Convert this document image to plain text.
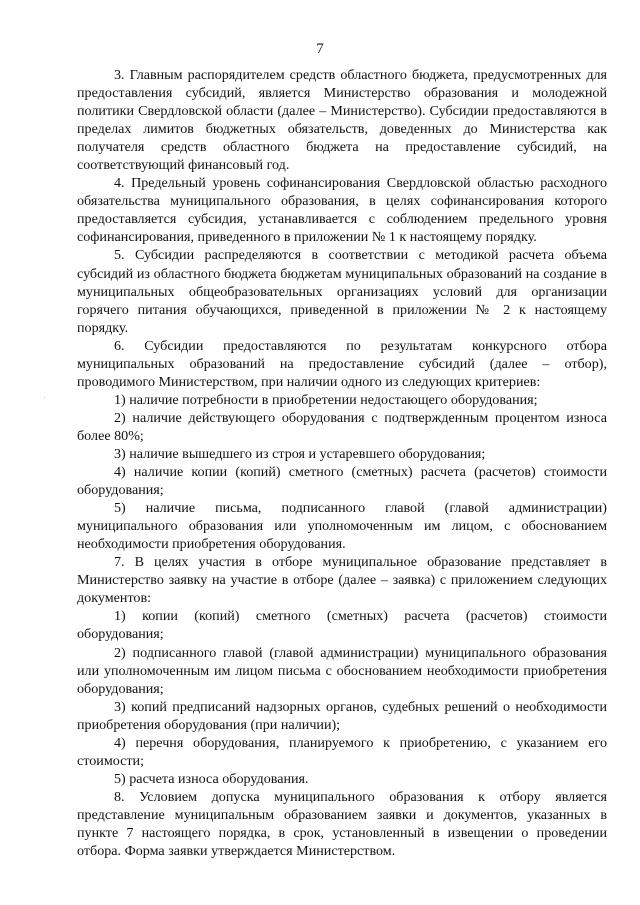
7

3. Главным распорядителем средств областного бюджета, предусмотренных для предоставления субсидий, является Министерство образования и молодежной политики Свердловской области (далее – Министерство). Субсидии предоставляются в пределах лимитов бюджетных обязательств, доведенных до Министерства как получателя средств областного бюджета на предоставление субсидий, на соответствующий финансовый год.

4. Предельный уровень софинансирования Свердловской областью расходного обязательства муниципального образования, в целях софинансирования которого предоставляется субсидия, устанавливается с соблюдением предельного уровня софинансирования, приведенного в приложении № 1 к настоящему порядку.

5. Субсидии распределяются в соответствии с методикой расчета объема субсидий из областного бюджета бюджетам муниципальных образований на создание в муниципальных общеобразовательных организациях условий для организации горячего питания обучающихся, приведенной в приложении № 2 к настоящему порядку.

6. Субсидии предоставляются по результатам конкурсного отбора муниципальных образований на предоставление субсидий (далее – отбор), проводимого Министерством, при наличии одного из следующих критериев:

1) наличие потребности в приобретении недостающего оборудования;

2) наличие действующего оборудования с подтвержденным процентом износа более 80%;

3) наличие вышедшего из строя и устаревшего оборудования;

4) наличие копии (копий) сметного (сметных) расчета (расчетов) стоимости оборудования;

5) наличие письма, подписанного главой (главой администрации) муниципального образования или уполномоченным им лицом, с обоснованием необходимости приобретения оборудования.

7. В целях участия в отборе муниципальное образование представляет в Министерство заявку на участие в отборе (далее – заявка) с приложением следующих документов:

1) копии (копий) сметного (сметных) расчета (расчетов) стоимости оборудования;

2) подписанного главой (главой администрации) муниципального образования или уполномоченным им лицом письма с обоснованием необходимости приобретения оборудования;

3) копий предписаний надзорных органов, судебных решений о необходимости приобретения оборудования (при наличии);

4) перечня оборудования, планируемого к приобретению, с указанием его стоимости;

5) расчета износа оборудования.

8. Условием допуска муниципального образования к отбору является представление муниципальным образованием заявки и документов, указанных в пункте 7 настоящего порядка, в срок, установленный в извещении о проведении отбора. Форма заявки утверждается Министерством.
